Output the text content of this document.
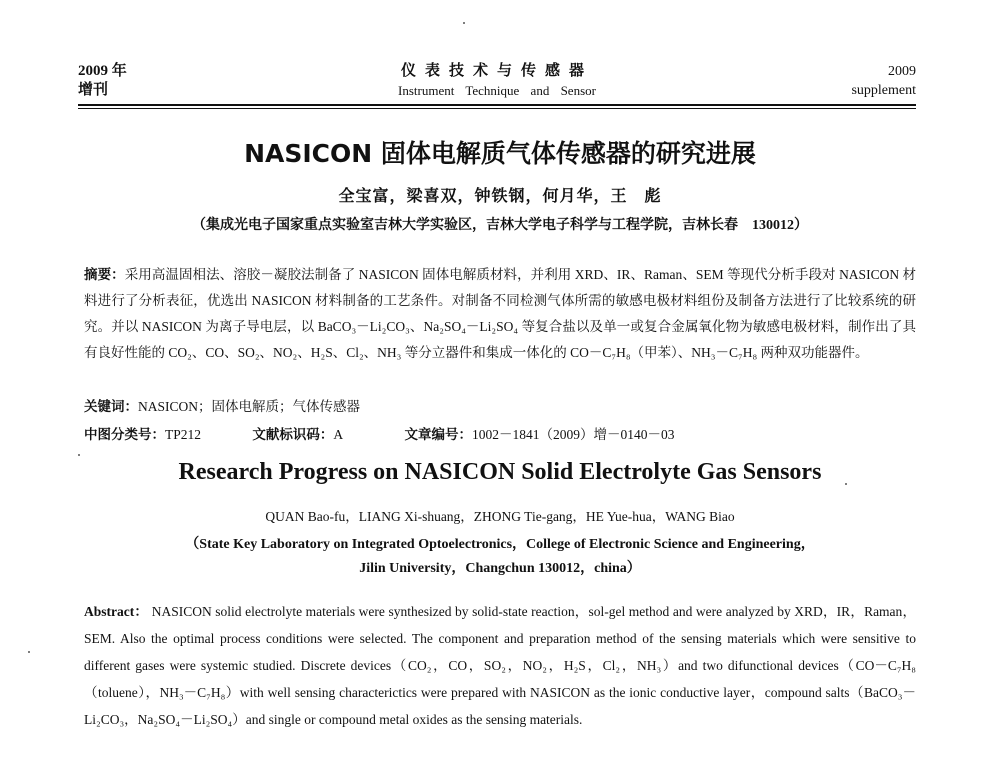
2009 年
增刊
仪表技术与传感器
Instrument Technique and Sensor
2009
supplement
NASICON 固体电解质气体传感器的研究进展
全宝富，梁喜双，钟铁钢，何月华，王　彪
（集成光电子国家重点实验室吉林大学实验区，吉林大学电子科学与工程学院，吉林长春　130012）
摘要：采用高温固相法、溶胶－凝胶法制备了 NASICON 固体电解质材料，并利用 XRD、IR、Raman、SEM 等现代分析手段对 NASICON 材料进行了分析表征，优选出 NASICON 材料制备的工艺条件。对制备不同检测气体所需的敏感电极材料组份及制备方法进行了比较系统的研究。并以 NASICON 为离子导电层，以 BaCO₃－Li₂CO₃、Na₂SO₄－Li₂SO₄ 等复合盐以及单一或复合金属氧化物为敏感电极材料，制作出了具有良好性能的 CO₂、CO、SO₂、NO₂、H₂S、Cl₂、NH₃ 等分立器件和集成一体化的 CO－C₇H₈（甲苯）、NH₃－C₇H₈ 两种双功能器件。
关键词：NASICON；固体电解质；气体传感器
中图分类号：TP212	文献标识码：A	文章编号：1002－1841（2009）增－0140－03
Research Progress on NASICON Solid Electrolyte Gas Sensors
QUAN Bao-fu，LIANG Xi-shuang，ZHONG Tie-gang，HE Yue-hua，WANG Biao
（State Key Laboratory on Integrated Optoelectronics，College of Electronic Science and Engineering，
Jilin University，Changchun 130012，china）
Abstract： NASICON solid electrolyte materials were synthesized by solid-state reaction，sol-gel method and were analyzed by XRD，IR，Raman，SEM. Also the optimal process conditions were selected. The component and preparation method of the sensing materials which were sensitive to different gases were systemic studied. Discrete devices（CO₂，CO，SO₂，NO₂，H₂S，Cl₂，NH₃）and two difunctional devices（CO－C₇H₈（toluene），NH₃－C₇H₈）with well sensing characterictics were prepared with NASICON as the ionic conductive layer，compound salts（BaCO₃－Li₂CO₃，Na₂SO₄－Li₂SO₄）and single or compound metal oxides as the sensing materials.
